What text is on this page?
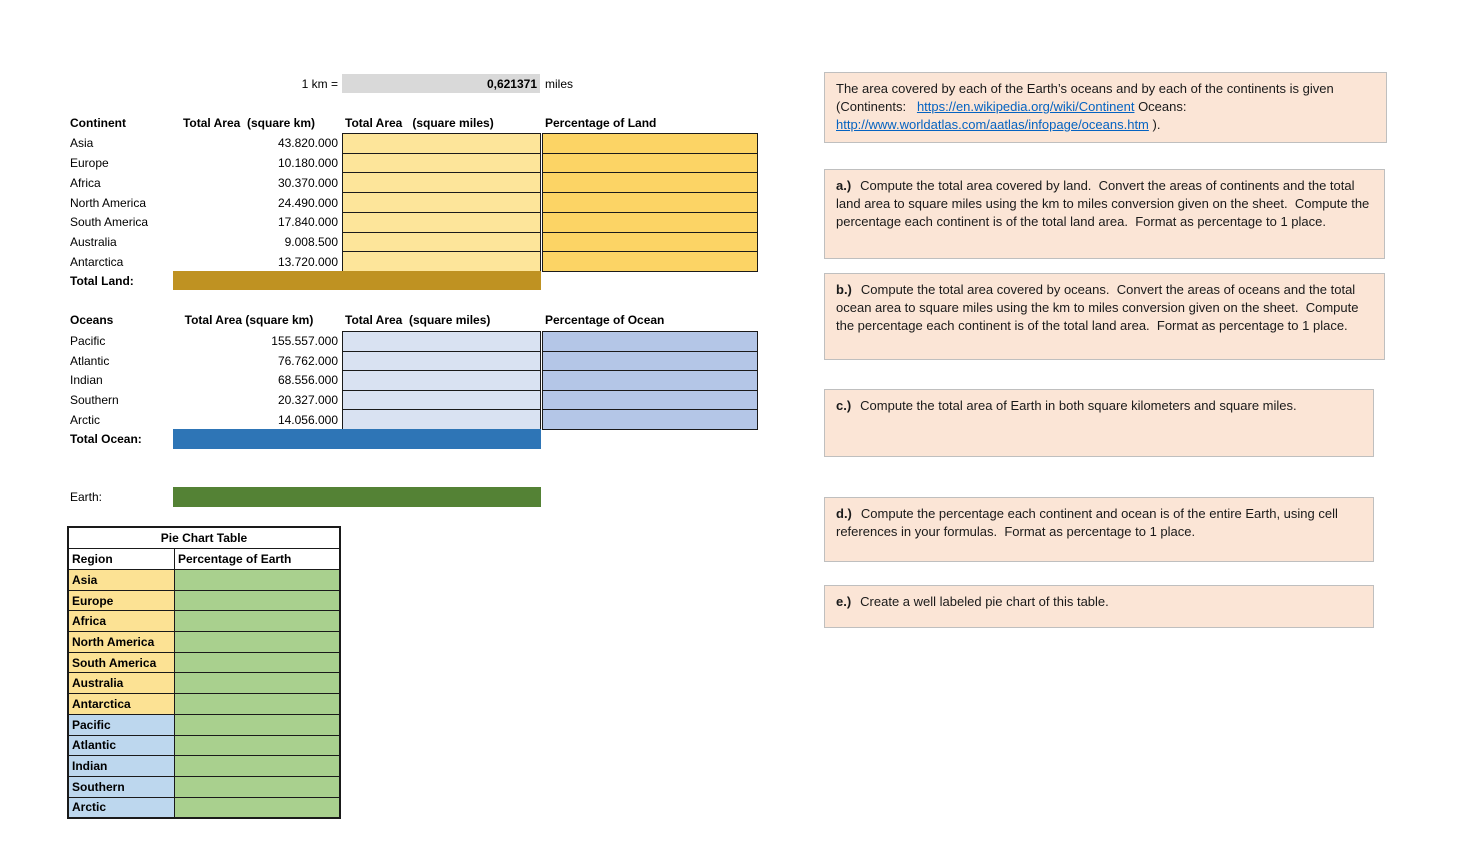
1 km =	0,621371 miles
Continent	Total Area  (square km)	Total Area   (square miles)	Percentage of Land
Asia	43.820.000
Europe	10.180.000
Africa	30.370.000
North America	24.490.000
South America	17.840.000
Australia	9.008.500
Antarctica	13.720.000
Total Land:
Oceans	Total Area (square km)	Total Area  (square miles)	Percentage of Ocean
Pacific	155.557.000
Atlantic	76.762.000
Indian	68.556.000
Southern	20.327.000
Arctic	14.056.000
Total Ocean:
Earth:
Pie Chart Table
Region	Percentage of Earth
Asia
Europe
Africa
North America
South America
Australia
Antarctica
Pacific
Atlantic
Indian
Southern
Arctic
The area covered by each of the Earth’s oceans and by each of the continents is given (Continents:   https://en.wikipedia.org/wiki/Continent Oceans: http://www.worldatlas.com/aatlas/infopage/oceans.htm ).
a.) Compute the total area covered by land.  Convert the areas of continents and the total land area to square miles using the km to miles conversion given on the sheet.  Compute the percentage each continent is of the total land area.  Format as percentage to 1 place.
b.) Compute the total area covered by oceans.  Convert the areas of oceans and the total ocean area to square miles using the km to miles conversion given on the sheet.  Compute the percentage each continent is of the total land area.  Format as percentage to 1 place.
c.) Compute the total area of Earth in both square kilometers and square miles.
d.) Compute the percentage each continent and ocean is of the entire Earth, using cell references in your formulas.  Format as percentage to 1 place.
e.) Create a well labeled pie chart of this table.
